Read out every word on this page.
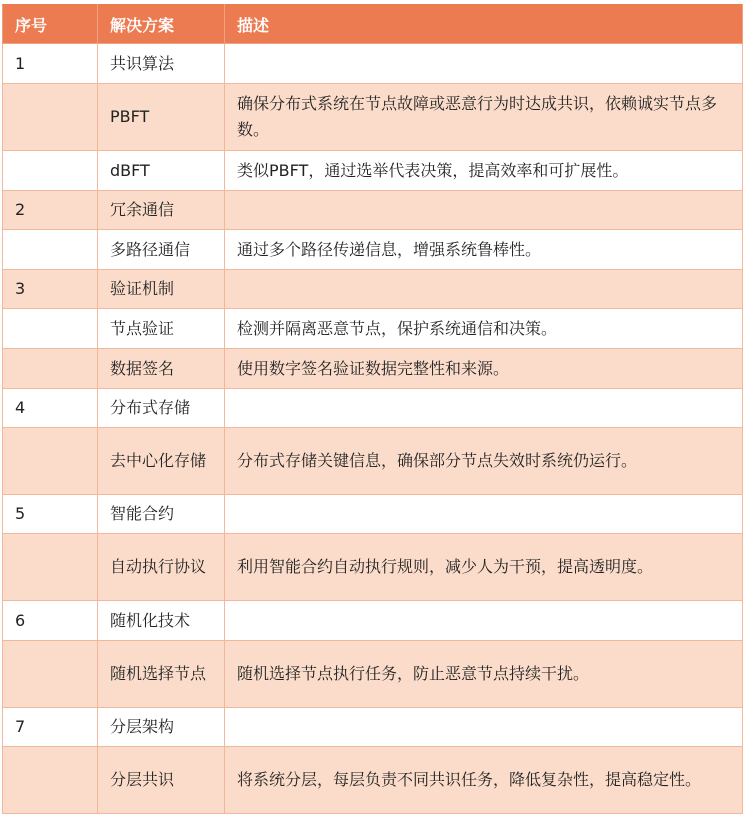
序号	解决方案	描述
1	共识算法	
	PBFT	确保分布式系统在节点故障或恶意行为时达成共识，依赖诚实节点多数。
	dBFT	类似PBFT，通过选举代表决策，提高效率和可扩展性。
2	冗余通信	
	多路径通信	通过多个路径传递信息，增强系统鲁棒性。
3	验证机制	
	节点验证	检测并隔离恶意节点，保护系统通信和决策。
	数据签名	使用数字签名验证数据完整性和来源。
4	分布式存储	
	去中心化存储	分布式存储关键信息，确保部分节点失效时系统仍运行。
5	智能合约	
	自动执行协议	利用智能合约自动执行规则，减少人为干预，提高透明度。
6	随机化技术	
	随机选择节点	随机选择节点执行任务，防止恶意节点持续干扰。
7	分层架构	
	分层共识	将系统分层，每层负责不同共识任务，降低复杂性，提高稳定性。
